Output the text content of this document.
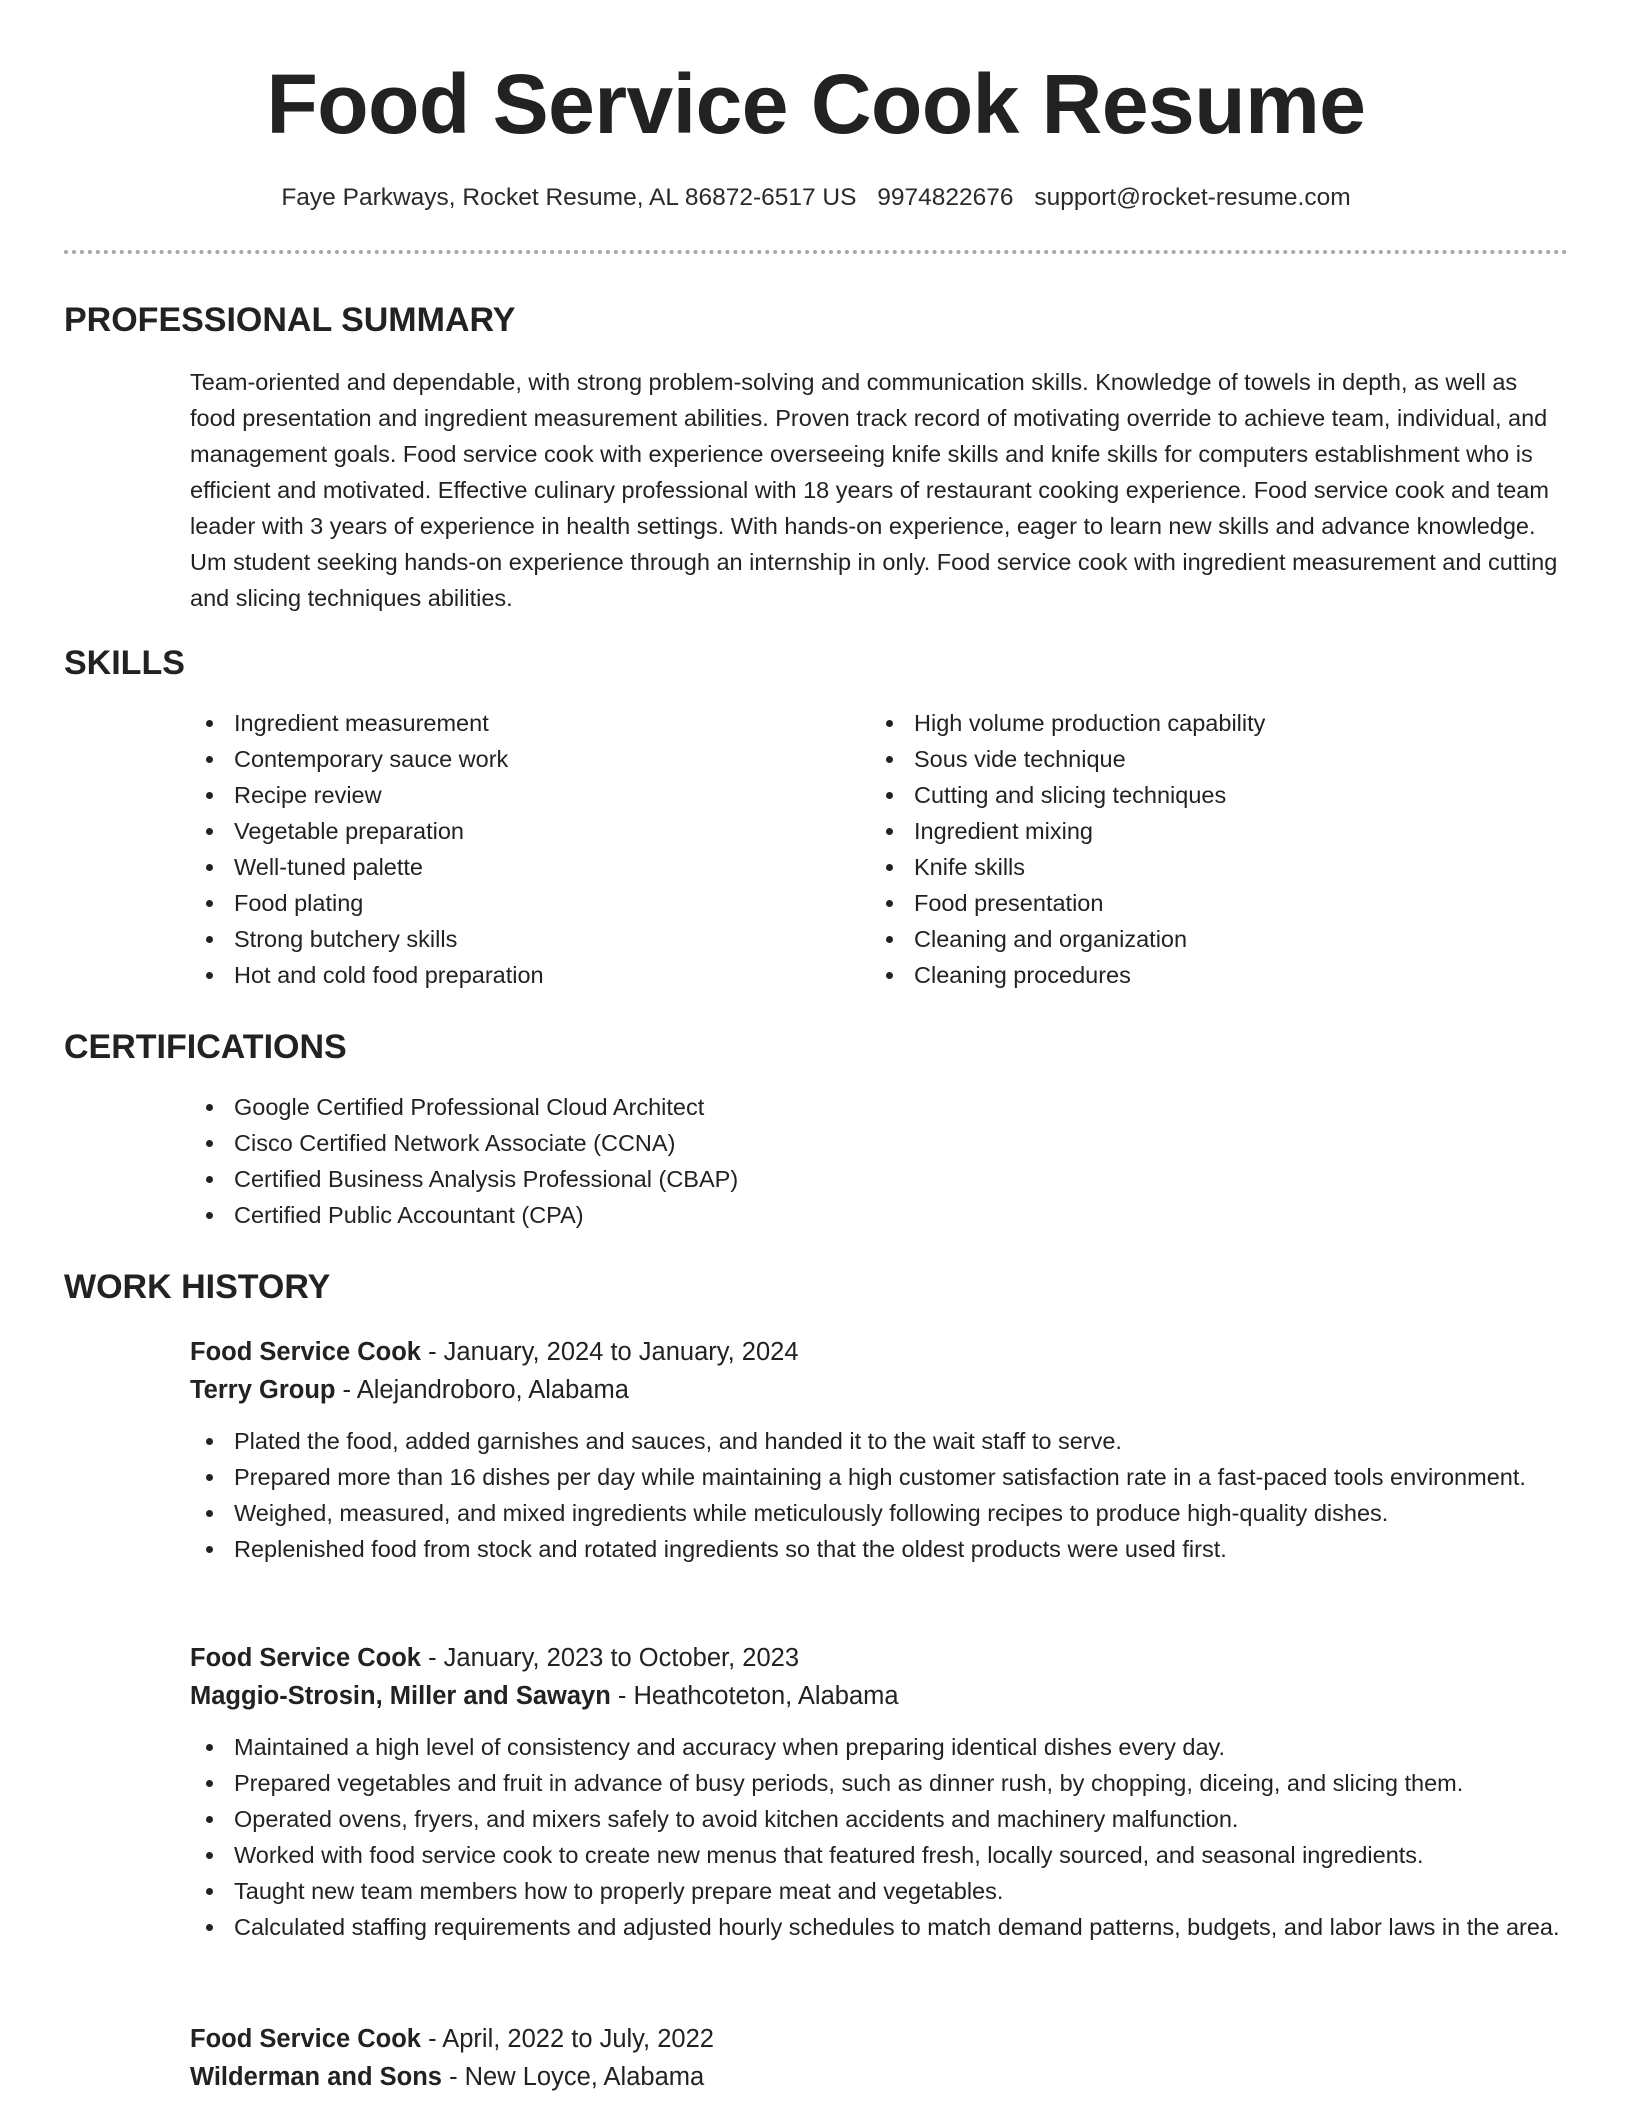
Food Service Cook Resume
Faye Parkways, Rocket Resume, AL 86872-6517 US 9974822676 support@rocket-resume.com
PROFESSIONAL SUMMARY

Team-oriented and dependable, with strong problem-solving and communication skills. Knowledge of towels in depth, as well as food presentation and ingredient measurement abilities. Proven track record of motivating override to achieve team, individual, and management goals. Food service cook with experience overseeing knife skills and knife skills for computers establishment who is efficient and motivated. Effective culinary professional with 18 years of restaurant cooking experience. Food service cook and team leader with 3 years of experience in health settings. With hands-on experience, eager to learn new skills and advance knowledge. Um student seeking hands-on experience through an internship in only. Food service cook with ingredient measurement and cutting and slicing techniques abilities.

SKILLS
Ingredient measurement
Contemporary sauce work
Recipe review
Vegetable preparation
Well-tuned palette
Food plating
Strong butchery skills
Hot and cold food preparation
High volume production capability
Sous vide technique
Cutting and slicing techniques
Ingredient mixing
Knife skills
Food presentation
Cleaning and organization
Cleaning procedures
CERTIFICATIONS
Google Certified Professional Cloud Architect
Cisco Certified Network Associate (CCNA)
Certified Business Analysis Professional (CBAP)
Certified Public Accountant (CPA)
WORK HISTORY

Food Service Cook - January, 2024 to January, 2024

Terry Group - Alejandroboro, Alabama

Plated the food, added garnishes and sauces, and handed it to the wait staff to serve.
Prepared more than 16 dishes per day while maintaining a high customer satisfaction rate in a fast-paced tools environment.
Weighed, measured, and mixed ingredients while meticulously following recipes to produce high-quality dishes.
Replenished food from stock and rotated ingredients so that the oldest products were used first.

Food Service Cook - January, 2023 to October, 2023

Maggio-Strosin, Miller and Sawayn - Heathcoteton, Alabama

Maintained a high level of consistency and accuracy when preparing identical dishes every day.
Prepared vegetables and fruit in advance of busy periods, such as dinner rush, by chopping, diceing, and slicing them.
Operated ovens, fryers, and mixers safely to avoid kitchen accidents and machinery malfunction.
Worked with food service cook to create new menus that featured fresh, locally sourced, and seasonal ingredients.
Taught new team members how to properly prepare meat and vegetables.
Calculated staffing requirements and adjusted hourly schedules to match demand patterns, budgets, and labor laws in the area.

Food Service Cook - April, 2022 to July, 2022

Wilderman and Sons - New Loyce, Alabama
